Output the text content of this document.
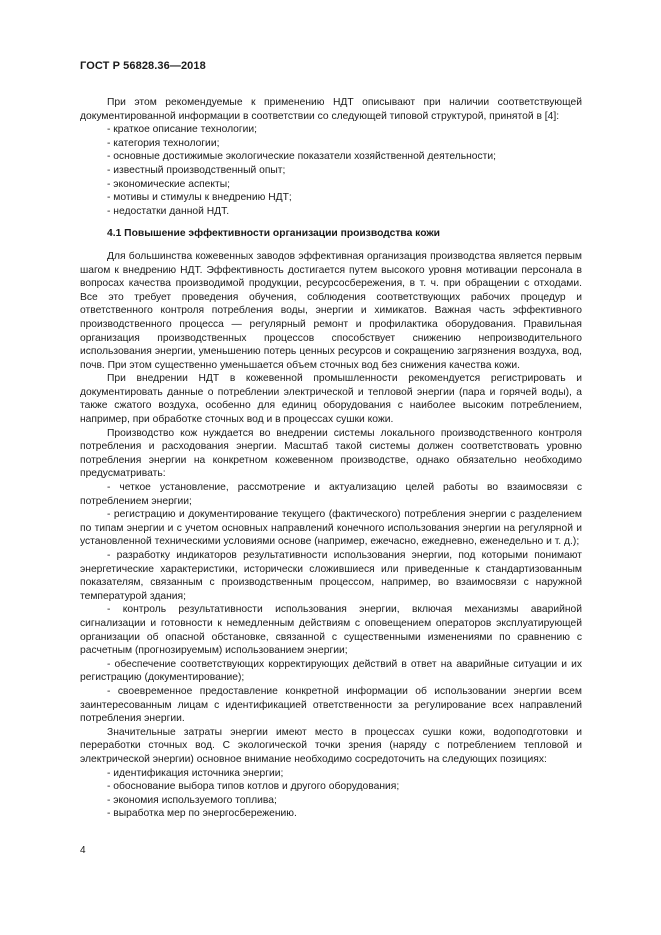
ГОСТ Р 56828.36—2018

При этом рекомендуемые к применению НДТ описывают при наличии соответствующей документированной информации в соответствии со следующей типовой структурой, принятой в [4]:

- краткое описание технологии;
- категория технологии;
- основные достижимые экологические показатели хозяйственной деятельности;
- известный производственный опыт;
- экономические аспекты;
- мотивы и стимулы к внедрению НДТ;
- недостатки данной НДТ.

4.1 Повышение эффективности организации производства кожи

Для большинства кожевенных заводов эффективная организация производства является первым шагом к внедрению НДТ. Эффективность достигается путем высокого уровня мотивации персонала в вопросах качества производимой продукции, ресурсосбережения, в т. ч. при обращении с отходами. Все это требует проведения обучения, соблюдения соответствующих рабочих процедур и ответственного контроля потребления воды, энергии и химикатов. Важная часть эффективного производственного процесса — регулярный ремонт и профилактика оборудования. Правильная организация производственных процессов способствует снижению непроизводительного использования энергии, уменьшению потерь ценных ресурсов и сокращению загрязнения воздуха, вод, почв. При этом существенно уменьшается объем сточных вод без снижения качества кожи.

При внедрении НДТ в кожевенной промышленности рекомендуется регистрировать и документировать данные о потреблении электрической и тепловой энергии (пара и горячей воды), а также сжатого воздуха, особенно для единиц оборудования с наиболее высоким потреблением, например, при обработке сточных вод и в процессах сушки кожи.

Производство кож нуждается во внедрении системы локального производственного контроля потребления и расходования энергии. Масштаб такой системы должен соответствовать уровню потребления энергии на конкретном кожевенном производстве, однако обязательно необходимо предусматривать:

- четкое установление, рассмотрение и актуализацию целей работы во взаимосвязи с потреблением энергии;

- регистрацию и документирование текущего (фактического) потребления энергии с разделением по типам энергии и с учетом основных направлений конечного использования энергии на регулярной и установленной техническими условиями основе (например, ежечасно, ежедневно, еженедельно и т. д.);

- разработку индикаторов результативности использования энергии, под которыми понимают энергетические характеристики, исторически сложившиеся или приведенные к стандартизованным показателям, связанным с производственным процессом, например, во взаимосвязи с наружной температурой здания;

- контроль результативности использования энергии, включая механизмы аварийной сигнализации и готовности к немедленным действиям с оповещением операторов эксплуатирующей организации об опасной обстановке, связанной с существенными изменениями по сравнению с расчетным (прогнозируемым) использованием энергии;

- обеспечение соответствующих корректирующих действий в ответ на аварийные ситуации и их регистрацию (документирование);

- своевременное предоставление конкретной информации об использовании энергии всем заинтересованным лицам с идентификацией ответственности за регулирование всех направлений потребления энергии.

Значительные затраты энергии имеют место в процессах сушки кожи, водоподготовки и переработки сточных вод. С экологической точки зрения (наряду с потреблением тепловой и электрической энергии) основное внимание необходимо сосредоточить на следующих позициях:

- идентификация источника энергии;
- обоснование выбора типов котлов и другого оборудования;
- экономия используемого топлива;
- выработка мер по энергосбережению.
4
